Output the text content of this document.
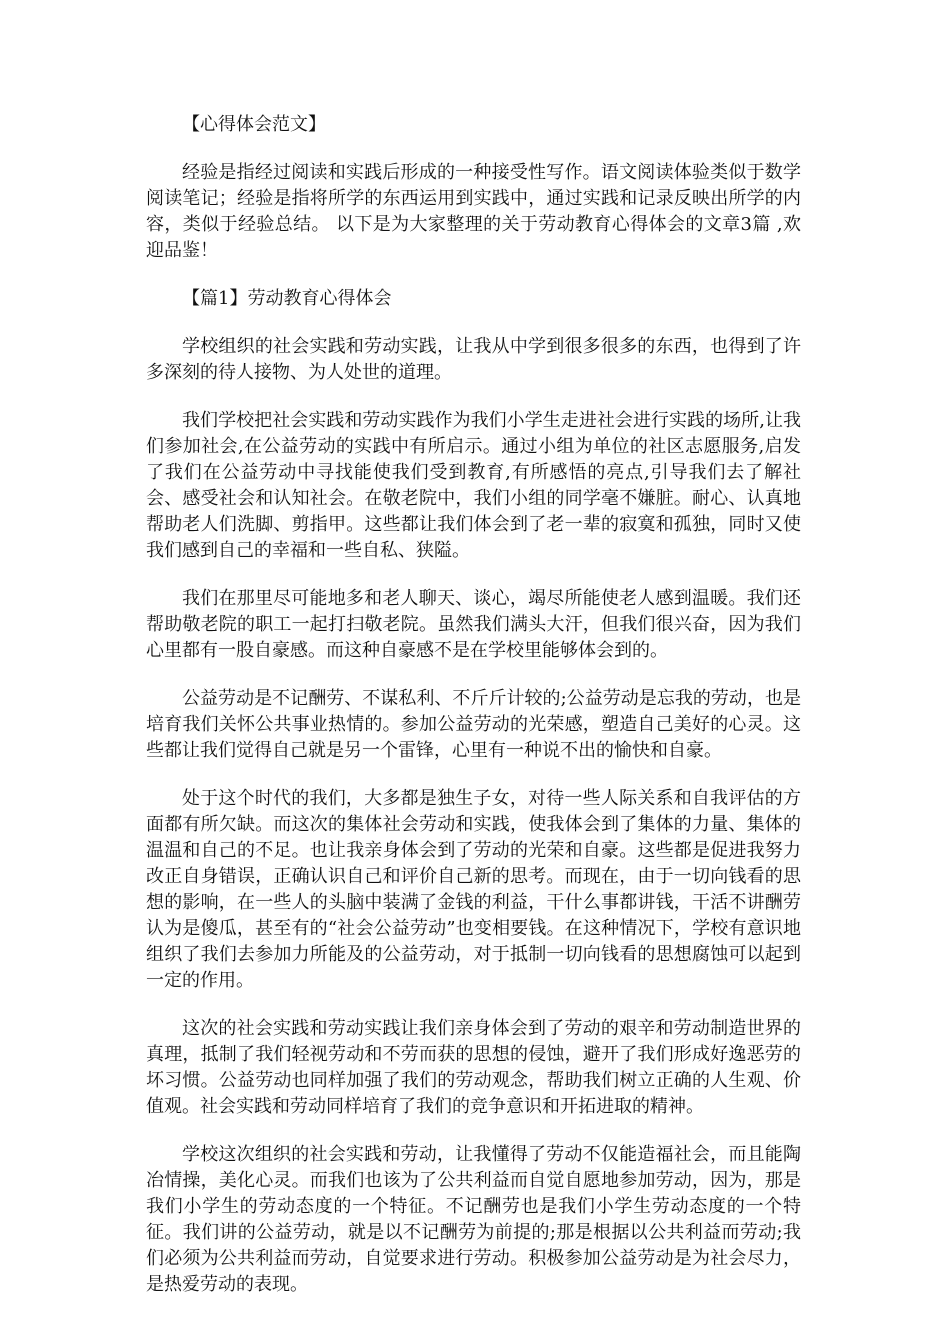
【心得体会范文】

经验是指经过阅读和实践后形成的一种接受性写作。语文阅读体验类似于数学阅读笔记；经验是指将所学的东西运用到实践中，通过实践和记录反映出所学的内容，类似于经验总结。 以下是为大家整理的关于劳动教育心得体会的文章3篇 ,欢迎品鉴！

【篇1】劳动教育心得体会

学校组织的社会实践和劳动实践，让我从中学到很多很多的东西，也得到了许多深刻的待人接物、为人处世的道理。

我们学校把社会实践和劳动实践作为我们小学生走进社会进行实践的场所,让我们参加社会,在公益劳动的实践中有所启示。通过小组为单位的社区志愿服务,启发了我们在公益劳动中寻找能使我们受到教育,有所感悟的亮点,引导我们去了解社会、感受社会和认知社会。在敬老院中，我们小组的同学毫不嫌脏。耐心、认真地帮助老人们洗脚、剪指甲。这些都让我们体会到了老一辈的寂寞和孤独，同时又使我们感到自己的幸福和一些自私、狭隘。

我们在那里尽可能地多和老人聊天、谈心，竭尽所能使老人感到温暖。我们还帮助敬老院的职工一起打扫敬老院。虽然我们满头大汗，但我们很兴奋，因为我们心里都有一股自豪感。而这种自豪感不是在学校里能够体会到的。

公益劳动是不记酬劳、不谋私利、不斤斤计较的;公益劳动是忘我的劳动，也是培育我们关怀公共事业热情的。参加公益劳动的光荣感，塑造自己美好的心灵。这些都让我们觉得自己就是另一个雷锋，心里有一种说不出的愉快和自豪。

处于这个时代的我们，大多都是独生子女，对待一些人际关系和自我评估的方面都有所欠缺。而这次的集体社会劳动和实践，使我体会到了集体的力量、集体的温温和自己的不足。也让我亲身体会到了劳动的光荣和自豪。这些都是促进我努力改正自身错误，正确认识自己和评价自己新的思考。而现在，由于一切向钱看的思想的影响，在一些人的头脑中装满了金钱的利益，干什么事都讲钱，干活不讲酬劳认为是傻瓜，甚至有的“社会公益劳动”也变相要钱。在这种情况下，学校有意识地组织了我们去参加力所能及的公益劳动，对于抵制一切向钱看的思想腐蚀可以起到一定的作用。

这次的社会实践和劳动实践让我们亲身体会到了劳动的艰辛和劳动制造世界的真理，抵制了我们轻视劳动和不劳而获的思想的侵蚀，避开了我们形成好逸恶劳的坏习惯。公益劳动也同样加强了我们的劳动观念，帮助我们树立正确的人生观、价值观。社会实践和劳动同样培育了我们的竞争意识和开拓进取的精神。

学校这次组织的社会实践和劳动，让我懂得了劳动不仅能造福社会，而且能陶冶情操，美化心灵。而我们也该为了公共利益而自觉自愿地参加劳动，因为，那是我们小学生的劳动态度的一个特征。不记酬劳也是我们小学生劳动态度的一个特征。我们讲的公益劳动，就是以不记酬劳为前提的;那是根据以公共利益而劳动;我们必须为公共利益而劳动，自觉要求进行劳动。积极参加公益劳动是为社会尽力，是热爱劳动的表现。
